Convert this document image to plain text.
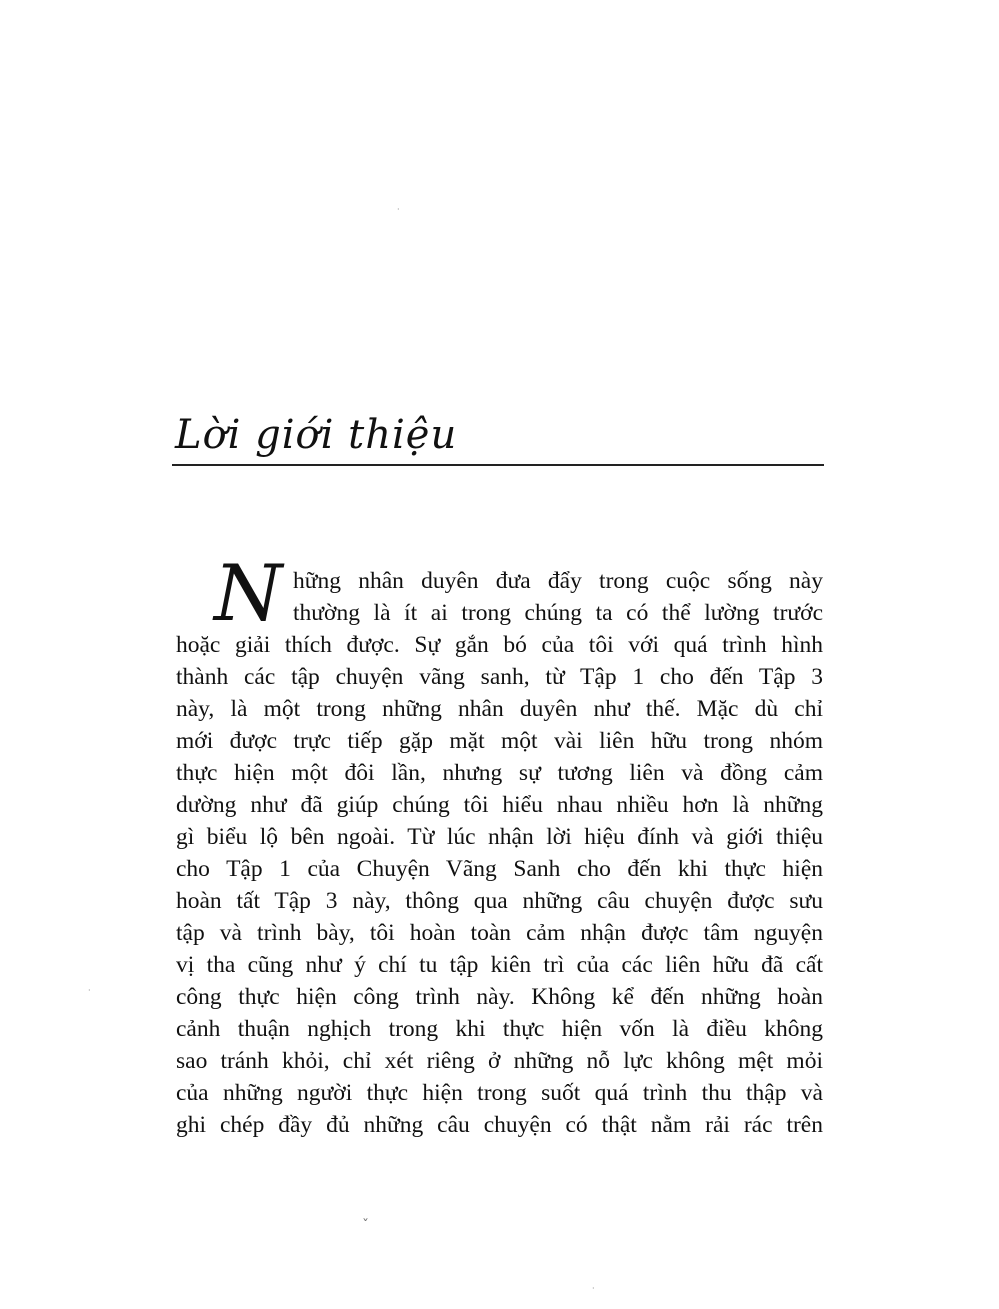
Lời giới thiệu
N hững nhân duyên đưa đẩy trong cuộc sống này
thường là ít ai trong chúng ta có thể lường trước
hoặc giải thích được. Sự gắn bó của tôi với quá trình hình
thành các tập chuyện vãng sanh, từ Tập 1 cho đến Tập 3
này, là một trong những nhân duyên như thế. Mặc dù chỉ
mới được trực tiếp gặp mặt một vài liên hữu trong nhóm
thực hiện một đôi lần, nhưng sự tương liên và đồng cảm
dường như đã giúp chúng tôi hiểu nhau nhiều hơn là những
gì biểu lộ bên ngoài. Từ lúc nhận lời hiệu đính và giới thiệu
cho Tập 1 của Chuyện Vãng Sanh cho đến khi thực hiện
hoàn tất Tập 3 này, thông qua những câu chuyện được sưu
tập và trình bày, tôi hoàn toàn cảm nhận được tâm nguyện
vị tha cũng như ý chí tu tập kiên trì của các liên hữu đã cất
công thực hiện công trình này. Không kể đến những hoàn
cảnh thuận nghịch trong khi thực hiện vốn là điều không
sao tránh khỏi, chỉ xét riêng ở những nỗ lực không mệt mỏi
của những người thực hiện trong suốt quá trình thu thập và
ghi chép đầy đủ những câu chuyện có thật nằm rải rác trên
ˇ
·
·
·
